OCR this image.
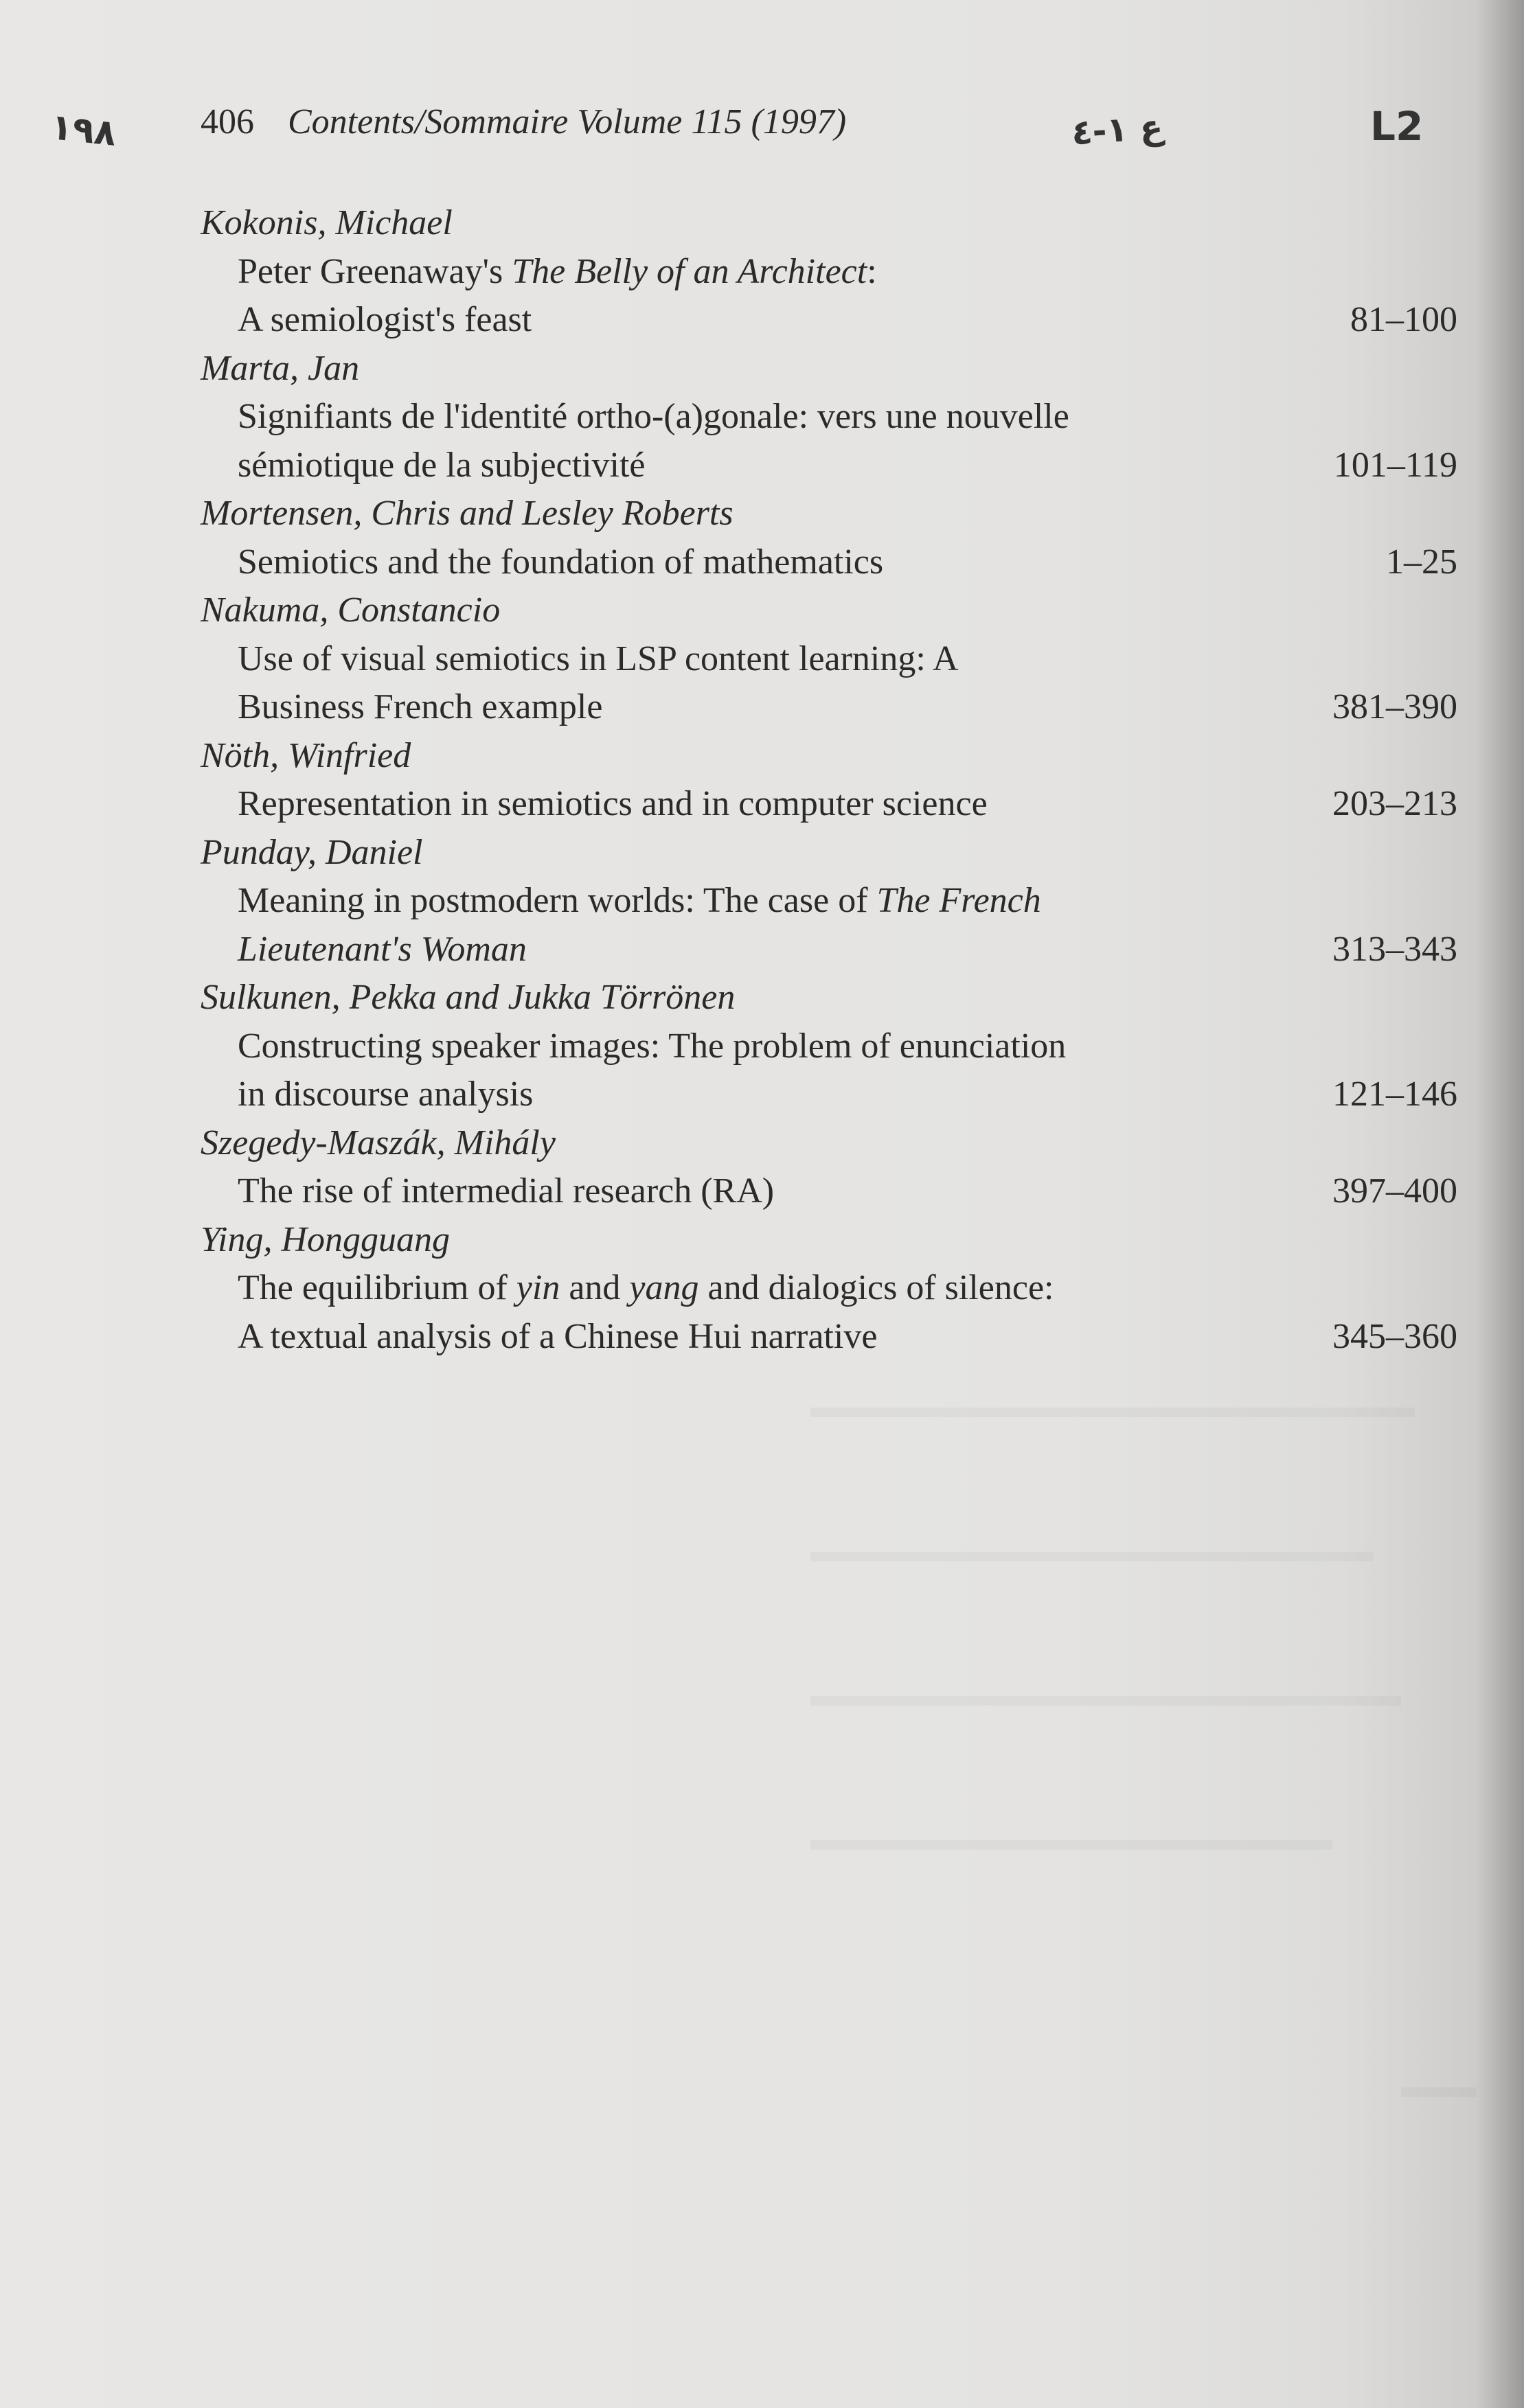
406 Contents/Sommaire Volume 115 (1997)
١٩٨	ع ١-٤	L2
Kokonis, Michael
Peter Greenaway's The Belly of an Architect:
A semiologist's feast	81–100
Marta, Jan
Signifiants de l'identité ortho-(a)gonale: vers une nouvelle
sémiotique de la subjectivité	101–119
Mortensen, Chris and Lesley Roberts
Semiotics and the foundation of mathematics	1–25
Nakuma, Constancio
Use of visual semiotics in LSP content learning: A
Business French example	381–390
Nöth, Winfried
Representation in semiotics and in computer science	203–213
Punday, Daniel
Meaning in postmodern worlds: The case of The French
Lieutenant's Woman	313–343
Sulkunen, Pekka and Jukka Törrönen
Constructing speaker images: The problem of enunciation
in discourse analysis	121–146
Szegedy-Maszák, Mihály
The rise of intermedial research (RA)	397–400
Ying, Hongguang
The equilibrium of yin and yang and dialogics of silence:
A textual analysis of a Chinese Hui narrative	345–360
